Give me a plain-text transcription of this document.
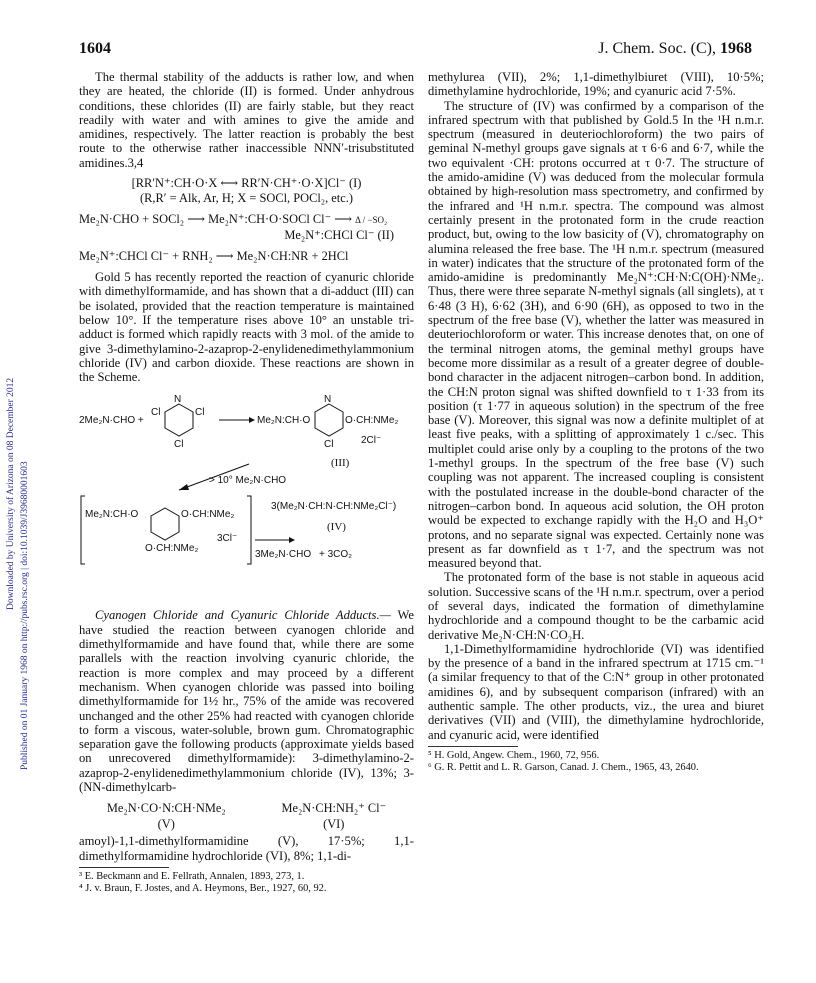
1604	J. Chem. Soc. (C), 1968
Downloaded by University of Arizona on 08 December 2012 Published on 01 January 1968 on http://pubs.rsc.org | doi:10.1039/J39680001603

The thermal stability of the adducts is rather low, and when they are heated, the chloride (II) is formed. Under anhydrous conditions, these chlorides (II) are fairly stable, but they react readily with water and with amines to give the amide and amidines, respectively. The latter reaction is probably the best route to the otherwise rather inaccessible NNN′-trisubstituted amidines.3,4

[RR′N⁺:CH·O·X ⟷ RR′N·CH⁺·O·X]Cl⁻ (I)
(R,R′ = Alk, Ar, H; X = SOCl, POCl₂, etc.)
Me₂N·CHO + SOCl₂ ⟶ Me₂N⁺:CH·O·SOCl Cl⁻ ⟶ Δ / −SO₂
Me₂N⁺:CHCl Cl⁻ (II)
Me₂N⁺:CHCl Cl⁻ + RNH₂ ⟶ Me₂N·CH:NR + 2HCl

Gold 5 has recently reported the reaction of cyanuric chloride with dimethylformamide, and has shown that a di-adduct (III) can be isolated, provided that the reaction temperature is maintained below 10°. If the temperature rises above 10° an unstable tri-adduct is formed which rapidly reacts with 3 mol. of the amide to give 3-dimethylamino-2-azaprop-2-enylidenedimethylammonium chloride (IV) and carbon dioxide. These reactions are shown in the Scheme.

2Me₂N·CHO +
Cl	Cl
Cl
N
Me₂N:CH·O	O·CH:NMe₂
Cl
N
2Cl⁻
(III)
> 10° Me₂N·CHO
Me₂N:CH·O	O·CH:NMe₂
O·CH:NMe₂
3Cl⁻
3Me₂N·CHO
3(Me₂N·CH:N·CH:NMe₂Cl⁻)
(IV)
+ 3CO₂

Cyanogen Chloride and Cyanuric Chloride Adducts.— We have studied the reaction between cyanogen chloride and dimethylformamide and have found that, while there are some parallels with the reaction involving cyanuric chloride, the reaction is more complex and may proceed by a different mechanism. When cyanogen chloride was passed into boiling dimethylformamide for 1½ hr., 75% of the amide was recovered unchanged and the other 25% had reacted with cyanogen chloride to form a viscous, water-soluble, brown gum. Chromatographic separation gave the following products (approximate yields based on unrecovered dimethylformamide): 3-dimethylamino-2-azaprop-2-enylidenedimethylammonium chloride (IV), 13%; 3-(NN-dimethylcarb-

Me₂N·CO·N:CH·NMe₂
(V)
Me₂N·CH:NH₂⁺ Cl⁻
(VI)

amoyl)-1,1-dimethylformamidine (V), 17·5%; 1,1-dimethylformamidine hydrochloride (VI), 8%; 1,1-di-

³ E. Beckmann and E. Fellrath, Annalen, 1893, 273, 1.

⁴ J. v. Braun, F. Jostes, and A. Heymons, Ber., 1927, 60, 92.

methylurea (VII), 2%; 1,1-dimethylbiuret (VIII), 10·5%; dimethylamine hydrochloride, 19%; and cyanuric acid 7·5%.

The structure of (IV) was confirmed by a comparison of the infrared spectrum with that published by Gold.5 In the ¹H n.m.r. spectrum (measured in deuteriochloroform) the two pairs of geminal N-methyl groups gave signals at τ 6·6 and 6·7, while the two equivalent ·CH: protons occurred at τ 0·7. The structure of the amido-amidine (V) was deduced from the molecular formula obtained by high-resolution mass spectrometry, and confirmed by the infrared and ¹H n.m.r. spectra. The compound was almost certainly present in the protonated form in the crude reaction product, but, owing to the low basicity of (V), chromatography on alumina released the free base. The ¹H n.m.r. spectrum (measured in water) indicates that the structure of the protonated form of the amido-amidine is predominantly Me₂N⁺:CH·N:C(OH)·NMe₂. Thus, there were three separate N-methyl signals (all singlets), at τ 6·48 (3 H), 6·62 (3H), and 6·90 (6H), as opposed to two in the spectrum of the free base (V), whether the latter was measured in deuteriochloroform or water. This increase denotes that, on one of the terminal nitrogen atoms, the geminal methyl groups have become more dissimilar as a result of a greater degree of double-bond character in the adjacent nitrogen–carbon bond. In addition, the CH:N proton signal was shifted downfield to τ 1·33 from its position (τ 1·77 in aqueous solution) in the spectrum of the free base (V). Moreover, this signal was now a definite multiplet of at least five peaks, with a splitting of approximately 1 c./sec. This multiplet could arise only by a coupling to the protons of the two 1-methyl groups. In the spectrum of the free base (V) such coupling was not apparent. The increased coupling is consistent with the postulated increase in the double-bond character of the nitrogen–carbon bond. In aqueous acid solution, the OH proton would be expected to exchange rapidly with the H₂O and H₃O⁺ protons, and no separate signal was expected. Certainly none was present as far downfield as τ 1·7, and the spectrum was not measured beyond that.

The protonated form of the base is not stable in aqueous acid solution. Successive scans of the ¹H n.m.r. spectrum, over a period of several days, indicated the formation of dimethylamine hydrochloride and a compound thought to be the carbamic acid derivative Me₂N·CH:N·CO₂H.

1,1-Dimethylformamidine hydrochloride (VI) was identified by the presence of a band in the infrared spectrum at 1715 cm.⁻¹ (a similar frequency to that of the C:N⁺ group in other protonated amidines 6), and by subsequent comparison (infrared) with an authentic sample. The other products, viz., the urea and biuret derivatives (VII) and (VIII), the dimethylamine hydrochloride, and cyanuric acid, were identified

⁵ H. Gold, Angew. Chem., 1960, 72, 956.

⁶ G. R. Pettit and L. R. Garson, Canad. J. Chem., 1965, 43, 2640.
